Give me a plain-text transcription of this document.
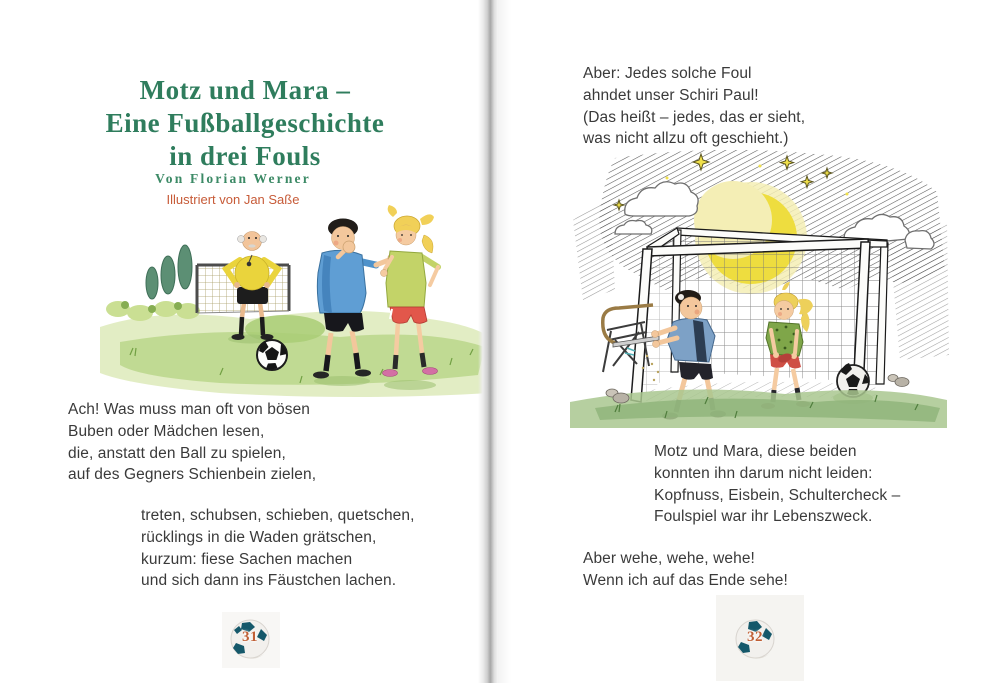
Motz und Mara –
Eine Fußballgeschichte
in drei Fouls
Von Florian Werner
Illustriert von Jan Saße
Ach! Was muss man oft von bösen
Buben oder Mädchen lesen,
die, anstatt den Ball zu spielen,
auf des Gegners Schienbein zielen,
treten, schubsen, schieben, quetschen,
rücklings in die Waden grätschen,
kurzum: fiese Sachen machen
und sich dann ins Fäustchen lachen.
31
Aber: Jedes solche Foul
ahndet unser Schiri Paul!
(Das heißt – jedes, das er sieht,
was nicht allzu oft geschieht.)
Motz und Mara, diese beiden
konnten ihn darum nicht leiden:
Kopfnuss, Eisbein, Schultercheck –
Foulspiel war ihr Lebenszweck.
Aber wehe, wehe, wehe!
Wenn ich auf das Ende sehe!
32
